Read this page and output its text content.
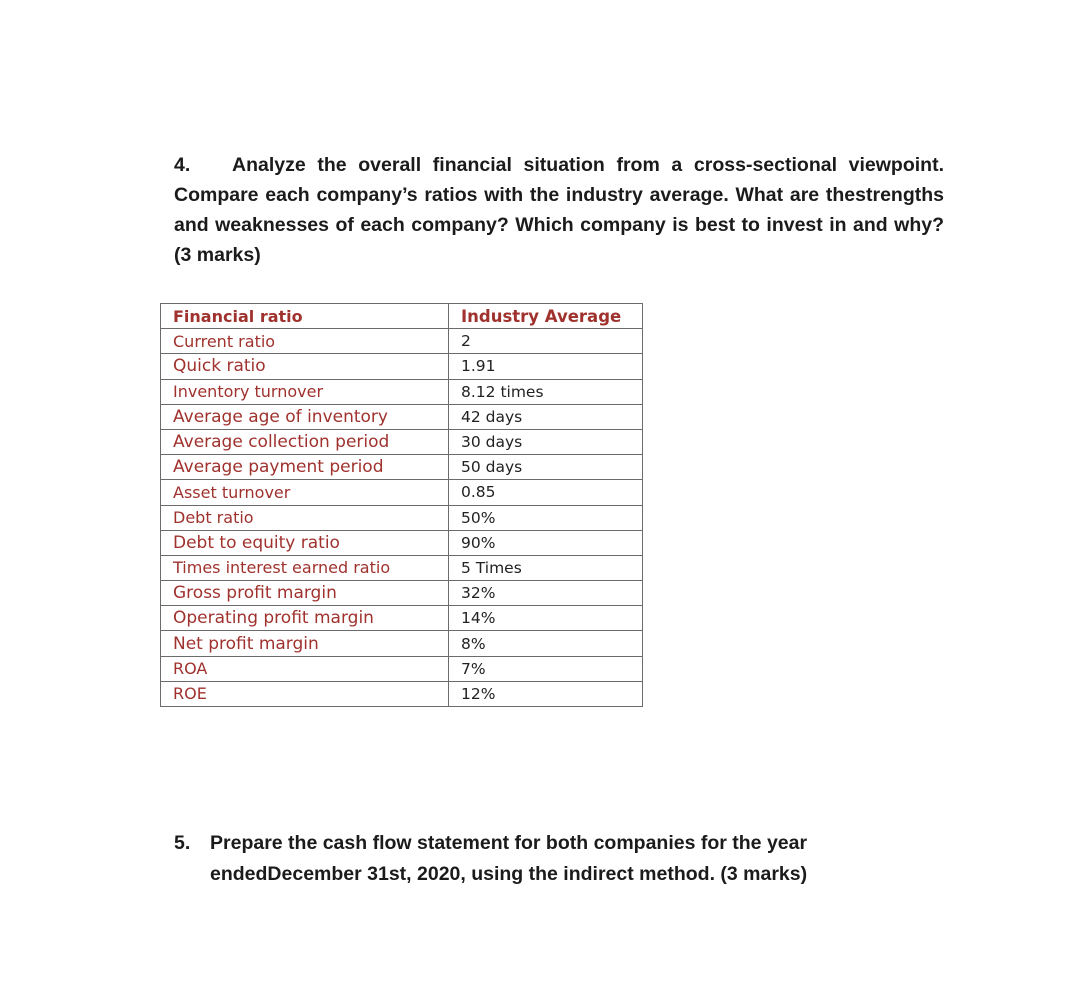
4. Analyze the overall financial situation from a cross-sectional viewpoint. Compare each company’s ratios with the industry average. What are thestrengths and weaknesses of each company? Which company is best to invest in and why? (3 marks)
Financial ratio	Industry Average
Current ratio	2
Quick ratio	1.91
Inventory turnover	8.12 times
Average age of inventory	42 days
Average collection period	30 days
Average payment period	50 days
Asset turnover	0.85
Debt ratio	50%
Debt to equity ratio	90%
Times interest earned ratio	5 Times
Gross profit margin	32%
Operating profit margin	14%
Net profit margin	8%
ROA	7%
ROE	12%
5. Prepare the cash flow statement for both companies for the year
endedDecember 31st, 2020, using the indirect method. (3 marks)
